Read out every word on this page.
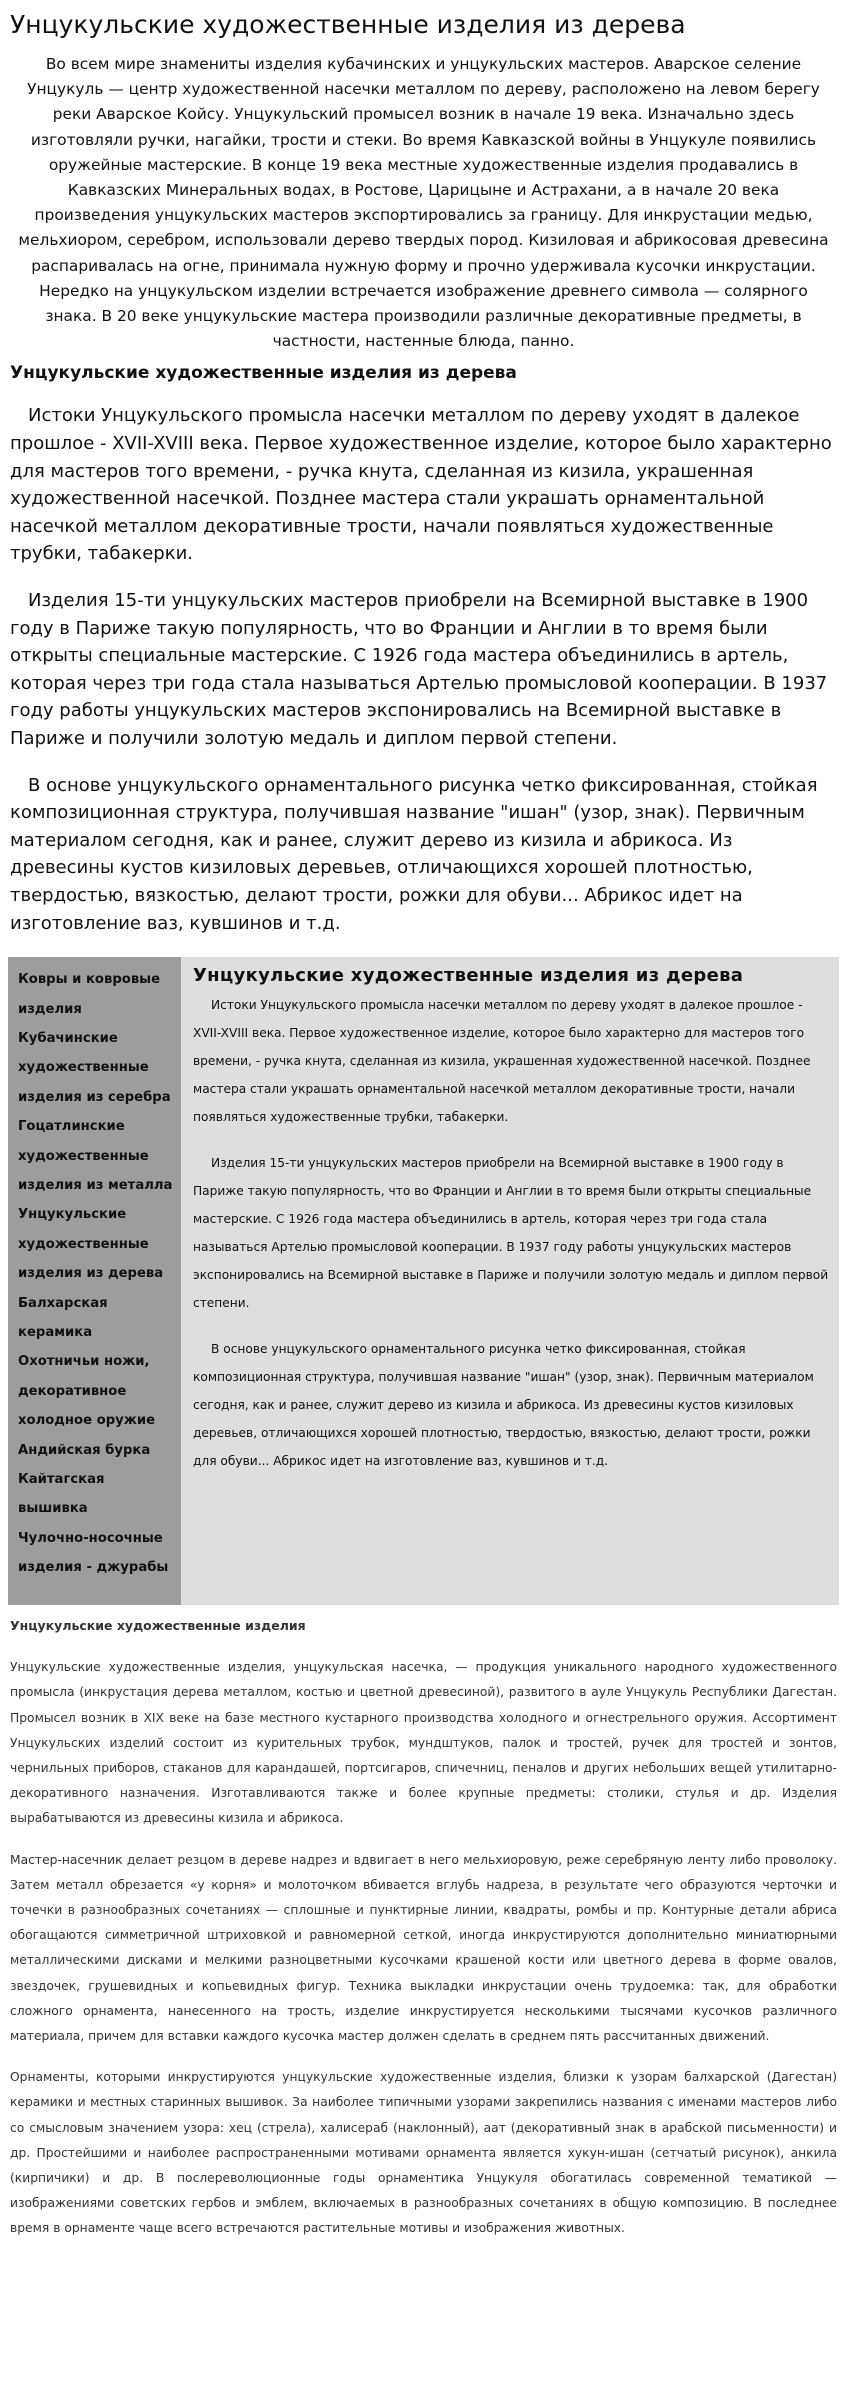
Унцукульские художественные изделия из дерева

Во всем мире знамениты изделия кубачинских и унцукульских мастеров. Аварское селение Унцукуль — центр художественной насечки металлом по дереву, расположено на левом берегу реки Аварское Койсу. Унцукульский промысел возник в начале 19 века. Изначально здесь изготовляли ручки, нагайки, трости и стеки. Во время Кавказской войны в Унцукуле появились оружейные мастерские. В конце 19 века местные художественные изделия продавались в Кавказских Минеральных водах, в Ростове, Царицыне и Астрахани, а в начале 20 века произведения унцукульских мастеров экспортировались за границу. Для инкрустации медью, мельхиором, серебром, использовали дерево твердых пород. Кизиловая и абрикосовая древесина распаривалась на огне, принимала нужную форму и прочно удерживала кусочки инкрустации. Нередко на унцукульском изделии встречается изображение древнего символа — солярного знака. В 20 веке унцукульские мастера производили различные декоративные предметы, в частности, настенные блюда, панно.

Унцукульские художественные изделия из дерева

Истоки Унцукульского промысла насечки металлом по дереву уходят в далекое прошлое - XVII-XVIII века. Первое художественное изделие, которое было характерно для мастеров того времени, - ручка кнута, сделанная из кизила, украшенная художественной насечкой. Позднее мастера стали украшать орнаментальной насечкой металлом декоративные трости, начали появляться художественные трубки, табакерки.

Изделия 15-ти унцукульских мастеров приобрели на Всемирной выставке в 1900 году в Париже такую популярность, что во Франции и Англии в то время были открыты специальные мастерские. С 1926 года мастера объединились в артель, которая через три года стала называться Артелью промысловой кооперации. В 1937 году работы унцукульских мастеров экспонировались на Всемирной выставке в Париже и получили золотую медаль и диплом первой степени.

В основе унцукульского орнаментального рисунка четко фиксированная, стойкая композиционная структура, получившая название "ишан" (узор, знак). Первичным материалом сегодня, как и ранее, служит дерево из кизила и абрикоса. Из древесины кустов кизиловых деревьев, отличающихся хорошей плотностью, твердостью, вязкостью, делают трости, рожки для обуви... Абрикос идет на изготовление ваз, кувшинов и т.д.

Ковры и ковровые изделия
Кубачинские художественные изделия из серебра
Гоцатлинские художественные изделия из металла
Унцукульские художественные изделия из дерева
Балхарская керамика
Охотничьи ножи, декоративное холодное оружие
Андийская бурка
Кайтагская вышивка
Чулочно-носочные изделия - джурабы
Унцукульские художественные изделия из дерева

Истоки Унцукульского промысла насечки металлом по дереву уходят в далекое прошлое - XVII-XVIII века. Первое художественное изделие, которое было характерно для мастеров того времени, - ручка кнута, сделанная из кизила, украшенная художественной насечкой. Позднее мастера стали украшать орнаментальной насечкой металлом декоративные трости, начали появляться художественные трубки, табакерки.

Изделия 15-ти унцукульских мастеров приобрели на Всемирной выставке в 1900 году в Париже такую популярность, что во Франции и Англии в то время были открыты специальные мастерские. С 1926 года мастера объединились в артель, которая через три года стала называться Артелью промысловой кооперации. В 1937 году работы унцукульских мастеров экспонировались на Всемирной выставке в Париже и получили золотую медаль и диплом первой степени.

В основе унцукульского орнаментального рисунка четко фиксированная, стойкая композиционная структура, получившая название "ишан" (узор, знак). Первичным материалом сегодня, как и ранее, служит дерево из кизила и абрикоса. Из древесины кустов кизиловых деревьев, отличающихся хорошей плотностью, твердостью, вязкостью, делают трости, рожки для обуви... Абрикос идет на изготовление ваз, кувшинов и т.д.

Унцукульские художественные изделия

Унцукульские художественные изделия, унцукульская насечка, — продукция уникального народного художественного промысла (инкрустация дерева металлом, костью и цветной древесиной), развитого в ауле Унцукуль Республики Дагестан. Промысел возник в XIX веке на базе местного кустарного производства холодного и огнестрельного оружия. Ассортимент Унцукульских изделий состоит из курительных трубок, мундштуков, палок и тростей, ручек для тростей и зонтов, чернильных приборов, стаканов для карандашей, портсигаров, спичечниц, пеналов и других небольших вещей утилитарно-декоративного назначения. Изготавливаются также и более крупные предметы: столики, стулья и др. Изделия вырабатываются из древесины кизила и абрикоса.

Мастер-насечник делает резцом в дереве надрез и вдвигает в него мельхиоровую, реже серебряную ленту либо проволоку. Затем металл обрезается «у корня» и молоточком вбивается вглубь надреза, в результате чего образуются черточки и точечки в разнообразных сочетаниях — сплошные и пунктирные линии, квадраты, ромбы и пр. Контурные детали абриса обогащаются симметричной штриховкой и равномерной сеткой, иногда инкрустируются дополнительно миниатюрными металлическими дисками и мелкими разноцветными кусочками крашеной кости или цветного дерева в форме овалов, звездочек, грушевидных и копьевидных фигур. Техника выкладки инкрустации очень трудоемка: так, для обработки сложного орнамента, нанесенного на трость, изделие инкрустируется несколькими тысячами кусочков различного материала, причем для вставки каждого кусочка мастер должен сделать в среднем пять рассчитанных движений.

Орнаменты, которыми инкрустируются унцукульские художественные изделия, близки к узорам балхарской (Дагестан) керамики и местных старинных вышивок. За наиболее типичными узорами закрепились названия с именами мастеров либо со смысловым значением узора: хец (стрела), халисераб (наклонный), аат (декоративный знак в арабской письменности) и др. Простейшими и наиболее распространенными мотивами орнамента является хукун-ишан (сетчатый рисунок), анкила (кирпичики) и др. В послереволюционные годы орнаментика Унцукуля обогатилась современной тематикой — изображениями советских гербов и эмблем, включаемых в разнообразных сочетаниях в общую композицию. В последнее время в орнаменте чаще всего встречаются растительные мотивы и изображения животных.
